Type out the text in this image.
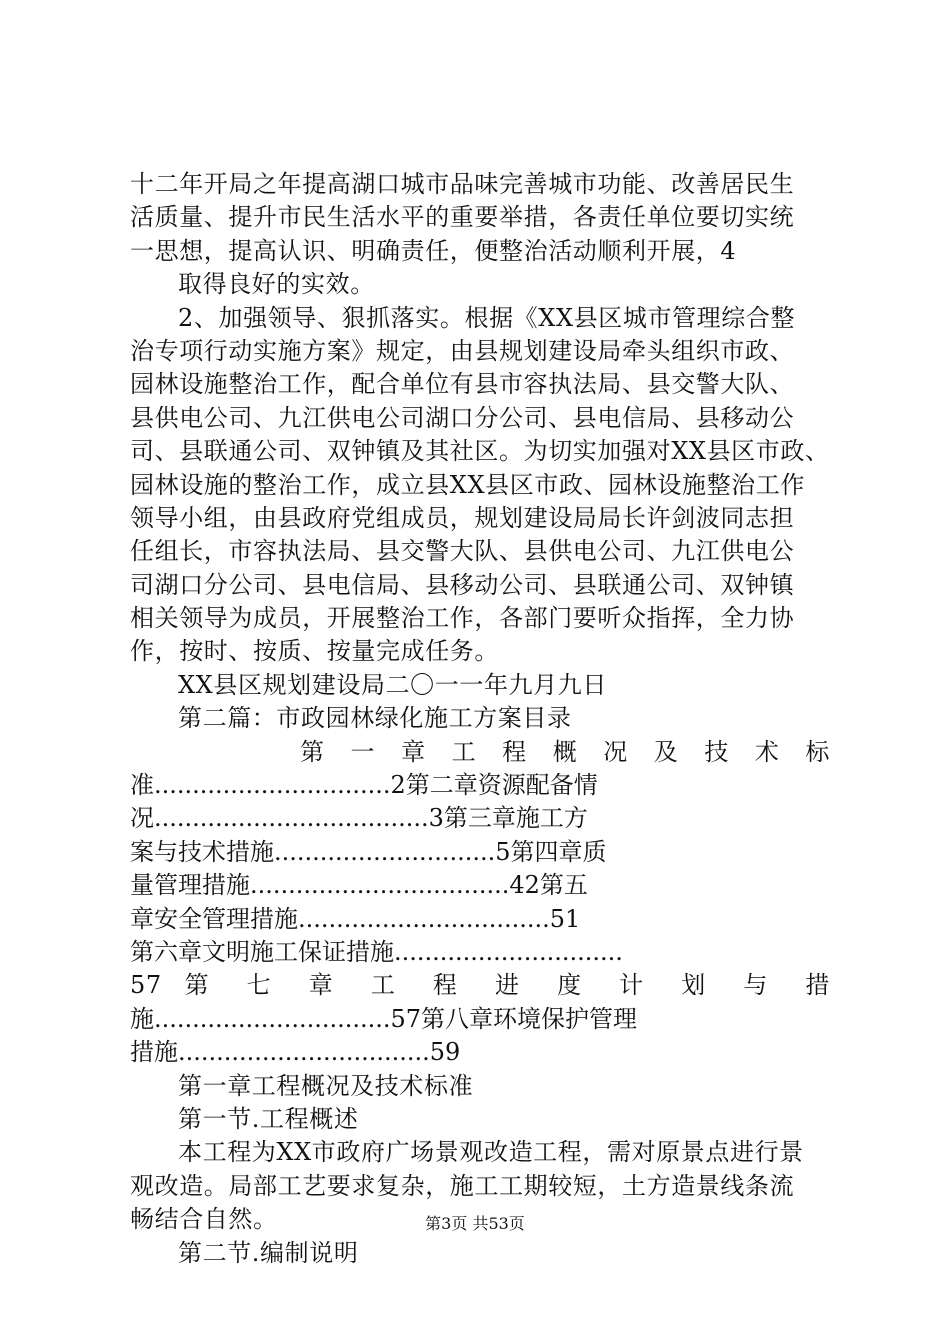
十二年开局之年提高湖口城市品味完善城市功能、改善居民生
活质量、提升市民生活水平的重要举措，各责任单位要切实统
一思想，提高认识、明确责任，便整治活动顺利开展，4
取得良好的实效。
2、加强领导、狠抓落实。根据《XX县区城市管理综合整
治专项行动实施方案》规定，由县规划建设局牵头组织市政、
园林设施整治工作，配合单位有县市容执法局、县交警大队、
县供电公司、九江供电公司湖口分公司、县电信局、县移动公
司、县联通公司、双钟镇及其社区。为切实加强对XX县区市政、
园林设施的整治工作，成立县XX县区市政、园林设施整治工作
领导小组，由县政府党组成员，规划建设局局长许剑波同志担
任组长，市容执法局、县交警大队、县供电公司、九江供电公
司湖口分公司、县电信局、县移动公司、县联通公司、双钟镇
相关领导为成员，开展整治工作，各部门要听众指挥，全力协
作，按时、按质、按量完成任务。
XX县区规划建设局二〇一一年九月九日
第二篇：市政园林绿化施工方案目录
第 一 章 工 程 概 况 及 技 术 标
准...............................2第二章资源配备情
况....................................3第三章施工方
案与技术措施.............................5第四章质
量管理措施..................................42第五
章安全管理措施.................................51
第六章文明施工保证措施..............................
57 第 七 章 工 程 进 度 计 划 与 措
施...............................57第八章环境保护管理
措施.................................59
第一章工程概况及技术标准
第一节.工程概述
本工程为XX市政府广场景观改造工程，需对原景点进行景
观改造。局部工艺要求复杂，施工工期较短，土方造景线条流
畅结合自然。
第二节.编制说明
第3页 共53页
